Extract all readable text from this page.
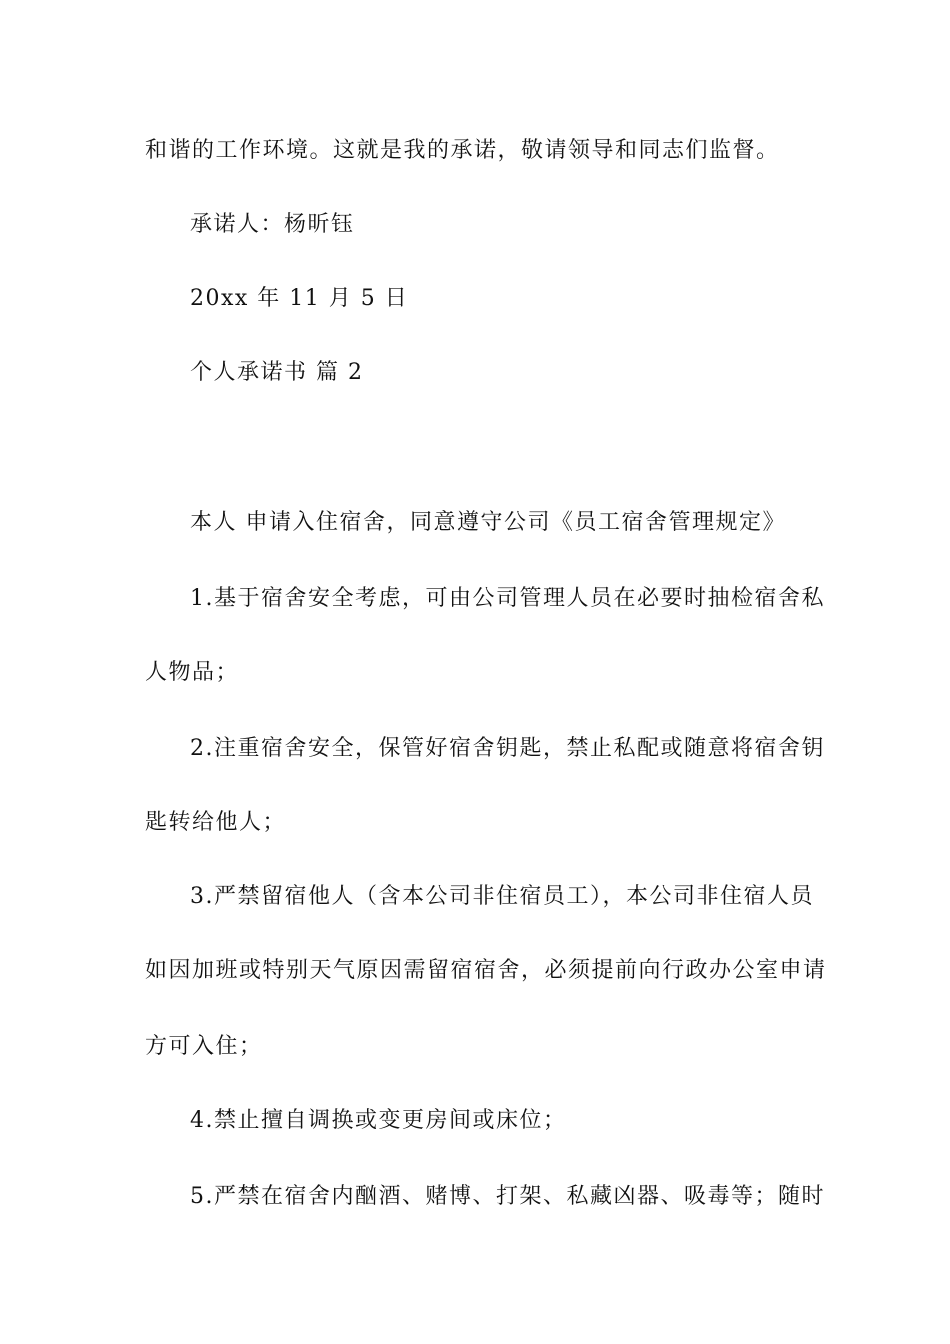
和谐的工作环境。这就是我的承诺，敬请领导和同志们监督。
承诺人：杨昕钰
20xx 年 11 月 5 日
个人承诺书 篇 2
本人 申请入住宿舍，同意遵守公司《员工宿舍管理规定》
1.基于宿舍安全考虑，可由公司管理人员在必要时抽检宿舍私
人物品；
2.注重宿舍安全，保管好宿舍钥匙，禁止私配或随意将宿舍钥
匙转给他人；
3.严禁留宿他人（含本公司非住宿员工），本公司非住宿人员
如因加班或特别天气原因需留宿宿舍，必须提前向行政办公室申请
方可入住；
4.禁止擅自调换或变更房间或床位；
5.严禁在宿舍内酗酒、赌博、打架、私藏凶器、吸毒等；随时
